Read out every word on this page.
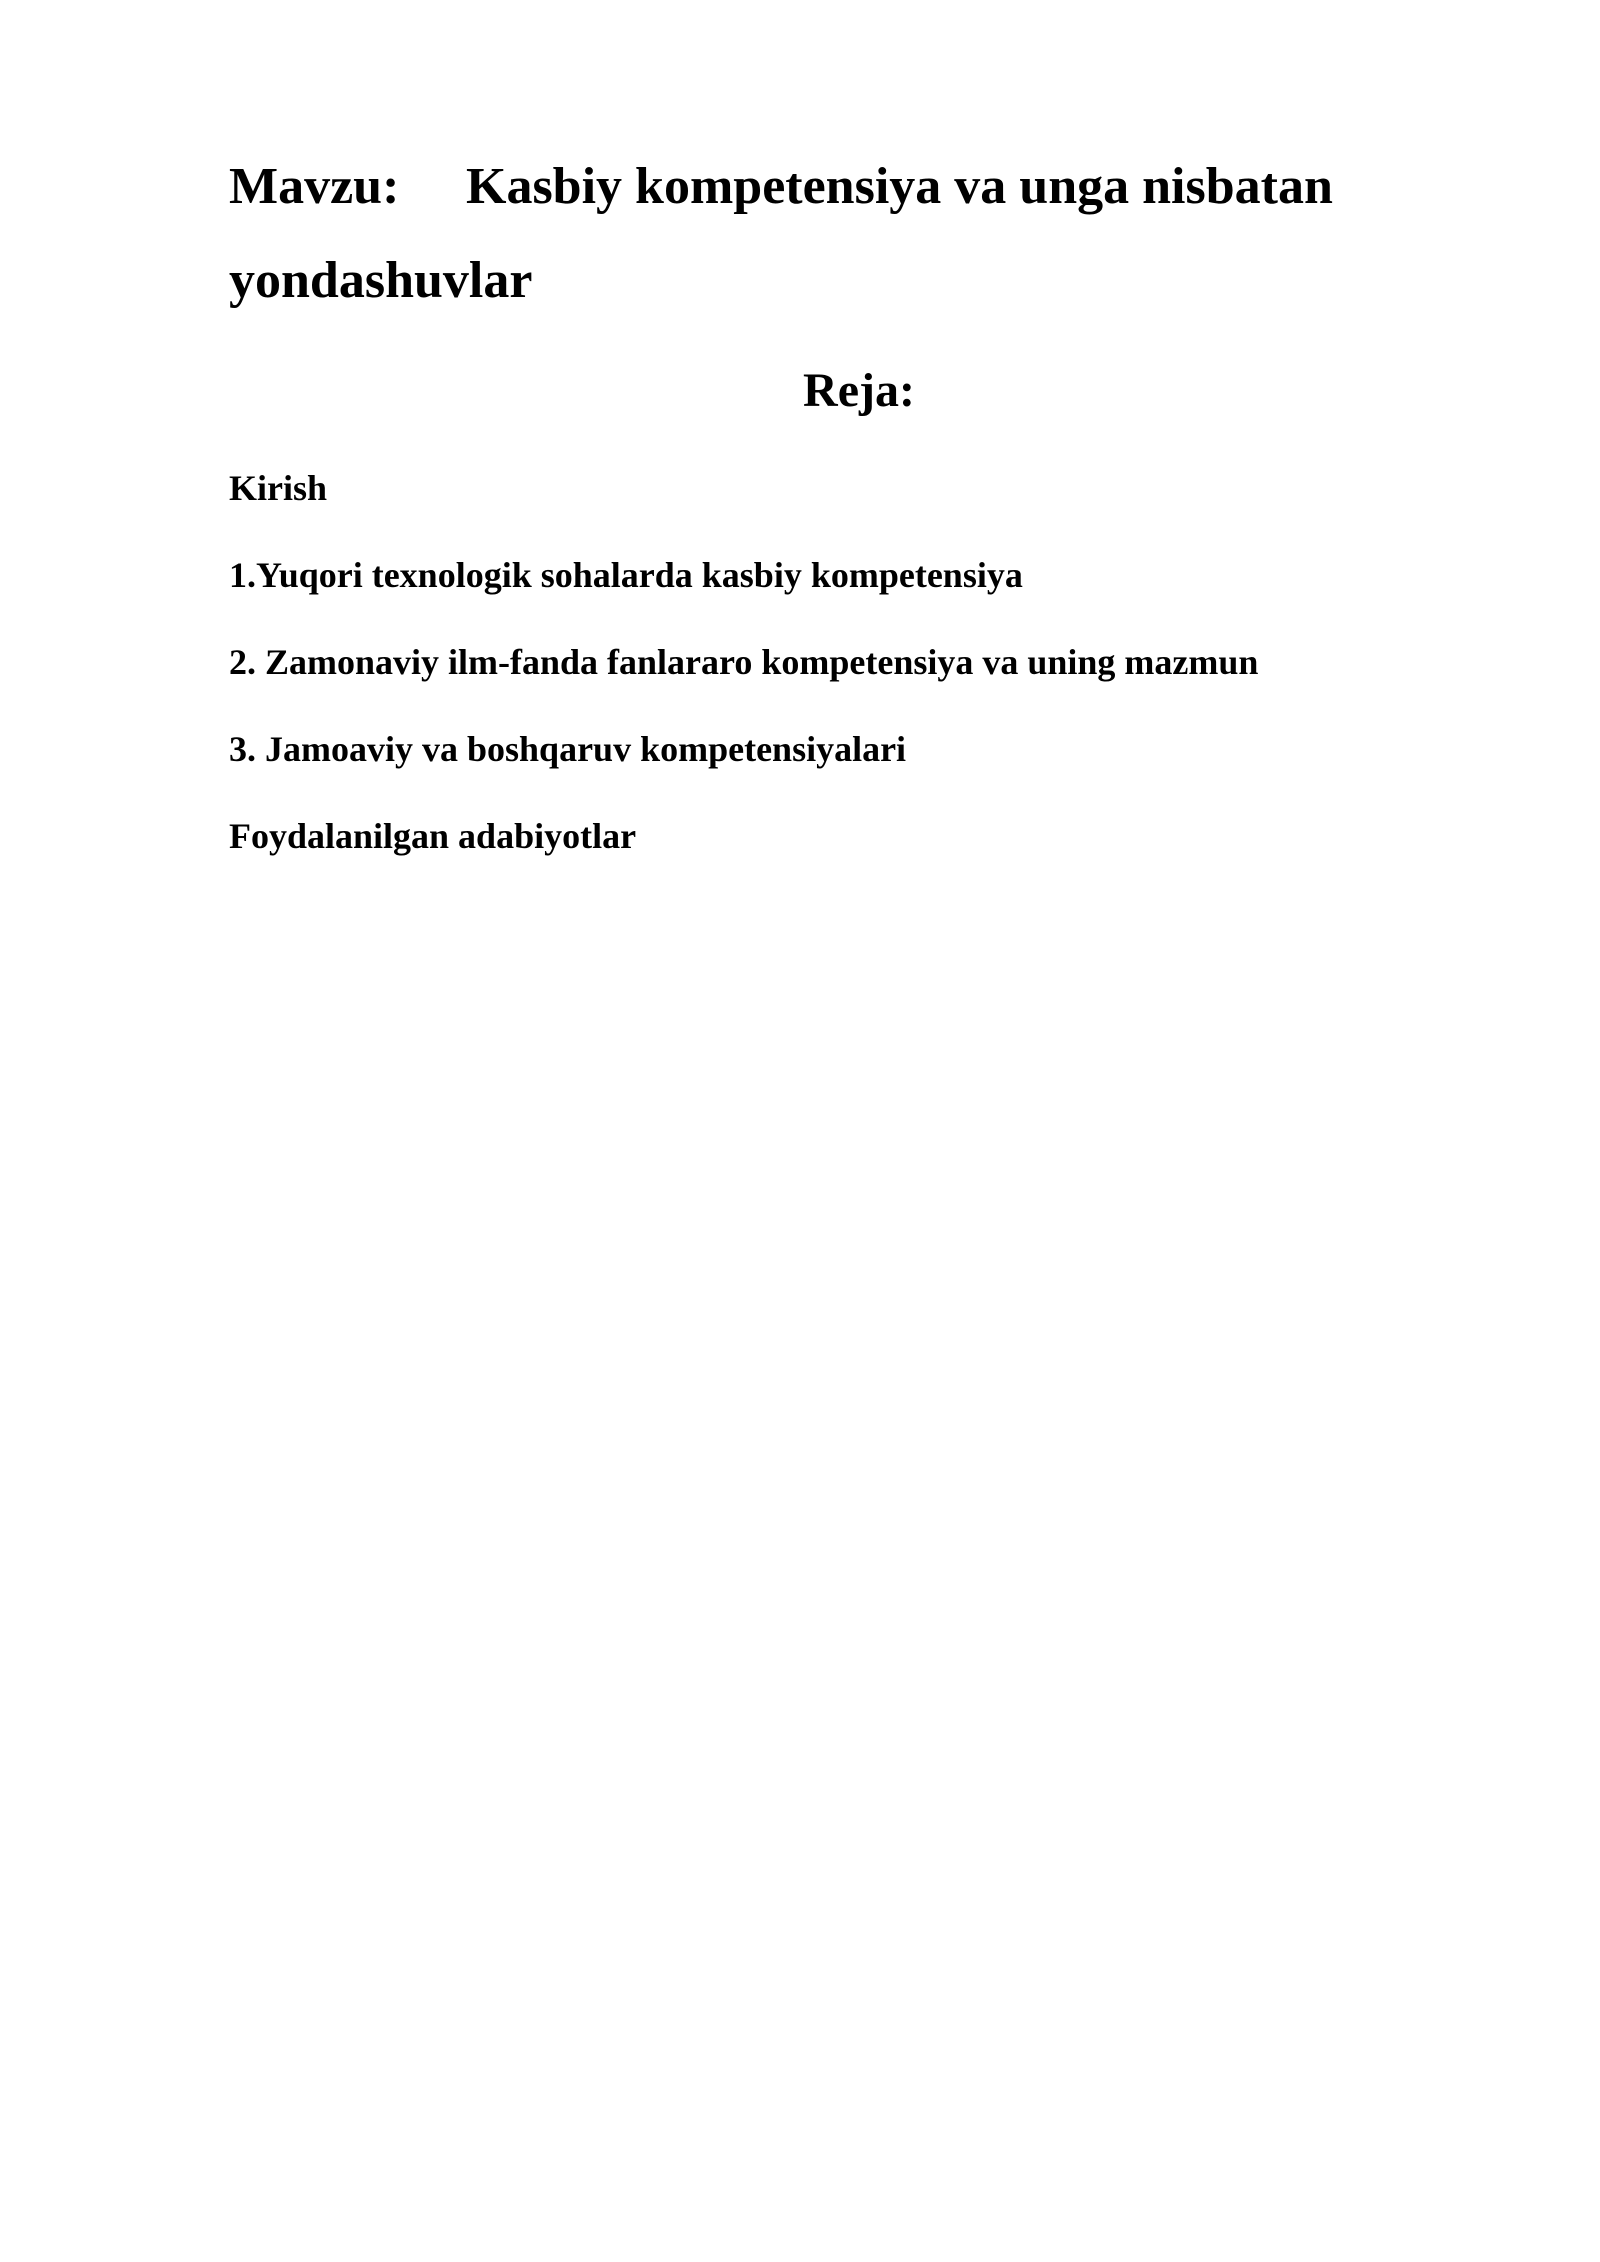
Mavzu: Kasbiy kompetensiya va unga nisbatan
yondashuvlar
Reja:
Kirish
1.Yuqori texnologik sohalarda kasbiy kompetensiya
2. Zamonaviy ilm-fanda fanlararo kompetensiya va uning mazmun
3. Jamoaviy va boshqaruv kompetensiyalari
Foydalanilgan adabiyotlar
